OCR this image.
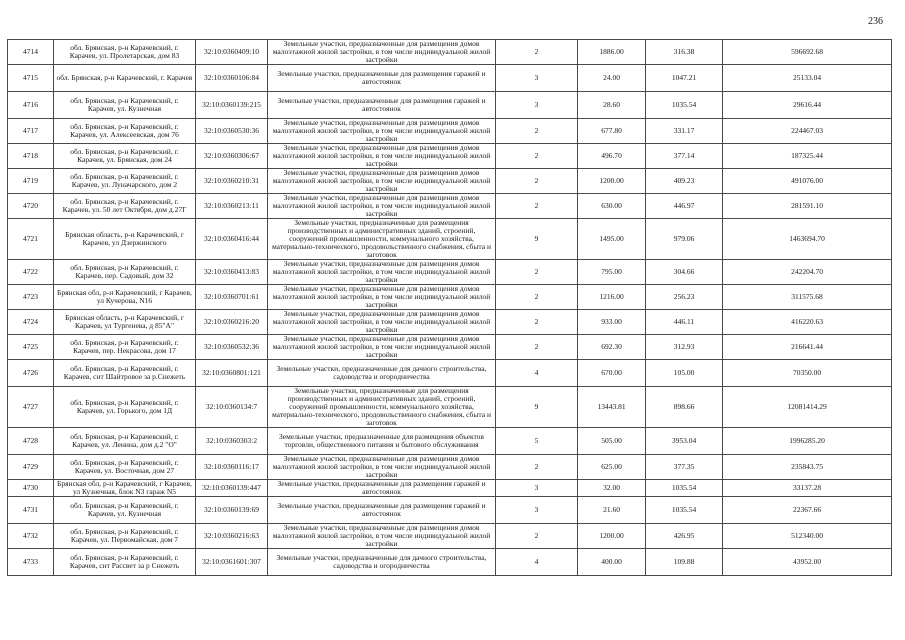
236
4714	обл. Брянская, р-н Карачевский, г. Карачев, ул. Пролетарская, дом 83	32:10:0360409:10	Земельные участки, предназначенные для размещения домов малоэтажной жилой застройки, в том числе индивидуальной жилой застройки	2	1886.00	316.38	596692.68
4715	обл. Брянская, р-н Карачевский, г. Карачев	32:10:0360106:84	Земельные участки, предназначенные для размещения гаражей и автостоянок	3	24.00	1047.21	25133.04
4716	обл. Брянская, р-н Карачевский, г. Карачев, ул. Кузнечная	32:10:0360139:215	Земельные участки, предназначенные для размещения гаражей и автостоянок	3	28.60	1035.54	29616.44
4717	обл. Брянская, р-н Карачевский, г. Карачев, ул. Алексеевская, дом 76	32:10:0360530:36	Земельные участки, предназначенные для размещения домов малоэтажной жилой застройки, в том числе индивидуальной жилой застройки	2	677.80	331.17	224467.03
4718	обл. Брянская, р-н Карачевский, г. Карачев, ул. Брянская, дом 24	32:10:0360306:67	Земельные участки, предназначенные для размещения домов малоэтажной жилой застройки, в том числе индивидуальной жилой застройки	2	496.70	377.14	187325.44
4719	обл. Брянская, р-н Карачевский, г. Карачев, ул. Луначарского, дом 2	32:10:0360210:31	Земельные участки, предназначенные для размещения домов малоэтажной жилой застройки, в том числе индивидуальной жилой застройки	2	1200.00	409.23	491076.00
4720	обл. Брянская, р-н Карачевский, г. Карачев, ул. 50 лет Октября, дом д.27Г	32:10:0360213:11	Земельные участки, предназначенные для размещения домов малоэтажной жилой застройки, в том числе индивидуальной жилой застройки	2	630.00	446.97	281591.10
4721	Брянская область, р-н Карачевский, г Карачев, ул Дзержинского	32:10:0360416:44	Земельные участки, предназначенные для размещения производственных и административных зданий, строений, сооружений промышленности, коммунального хозяйства, материально-технического, продовольственного снабжения, сбыта и заготовок	9	1495.00	979.06	1463694.70
4722	обл. Брянская, р-н Карачевский, г. Карачев, пер. Садовый, дом 32	32:10:0360413:83	Земельные участки, предназначенные для размещения домов малоэтажной жилой застройки, в том числе индивидуальной жилой застройки	2	795.00	304.66	242204.70
4723	Брянская обл, р-н Карачевский, г Карачев, ул Кучерова, N16	32:10:0360701:61	Земельные участки, предназначенные для размещения домов малоэтажной жилой застройки, в том числе индивидуальной жилой застройки	2	1216.00	256.23	311575.68
4724	Брянская область, р-н Карачевский, г Карачев, ул Тургенева, д 85"А"	32:10:0360216:20	Земельные участки, предназначенные для размещения домов малоэтажной жилой застройки, в том числе индивидуальной жилой застройки	2	933.00	446.11	416220.63
4725	обл. Брянская, р-н Карачевский, г. Карачев, пер. Некрасова, дом 17	32:10:0360532:36	Земельные участки, предназначенные для размещения домов малоэтажной жилой застройки, в том числе индивидуальной жилой застройки	2	692.30	312.93	216641.44
4726	обл. Брянская, р-н Карачевский, г. Карачев, снт Шайтровое за р.Снежеть	32:10:0360801:121	Земельные участки, предназначенные для дачного строительства, садоводства и огородничества	4	670.00	105.00	70350.00
4727	обл. Брянская, р-н Карачевский, г. Карачев, ул. Горького, дом 1Д	32:10:0360134:7	Земельные участки, предназначенные для размещения производственных и административных зданий, строений, сооружений промышленности, коммунального хозяйства, материально-технического, продовольственного снабжения, сбыта и заготовок	9	13443.81	898.66	12081414.29
4728	обл. Брянская, р-н Карачевский, г. Карачев, ул. Ленина, дом д.2 "О"	32:10:0360303:2	Земельные участки, предназначенные для размещения объектов торговли, общественного питания и бытового обслуживания	5	505.00	3953.04	1996285.20
4729	обл. Брянская, р-н Карачевский, г. Карачев, ул. Восточная, дом 27	32:10:0360116:17	Земельные участки, предназначенные для размещения домов малоэтажной жилой застройки, в том числе индивидуальной жилой застройки	2	625.00	377.35	235843.75
4730	Брянская обл, р-н Карачевский, г Карачев, ул Кузнечная, блок N3 гараж N5	32:10:0360139:447	Земельные участки, предназначенные для размещения гаражей и автостоянок	3	32.00	1035.54	33137.28
4731	обл. Брянская, р-н Карачевский, г. Карачев, ул. Кузнечная	32:10:0360139:69	Земельные участки, предназначенные для размещения гаражей и автостоянок	3	21.60	1035.54	22367.66
4732	обл. Брянская, р-н Карачевский, г. Карачев, ул. Первомайская, дом 7	32:10:0360216:63	Земельные участки, предназначенные для размещения домов малоэтажной жилой застройки, в том числе индивидуальной жилой застройки	2	1200.00	426.95	512340.00
4733	обл. Брянская, р-н Карачевский, г. Карачев, снт Рассвет за р Снежеть	32:10:0361601:307	Земельные участки, предназначенные для дачного строительства, садоводства и огородничества	4	400.00	109.88	43952.00
